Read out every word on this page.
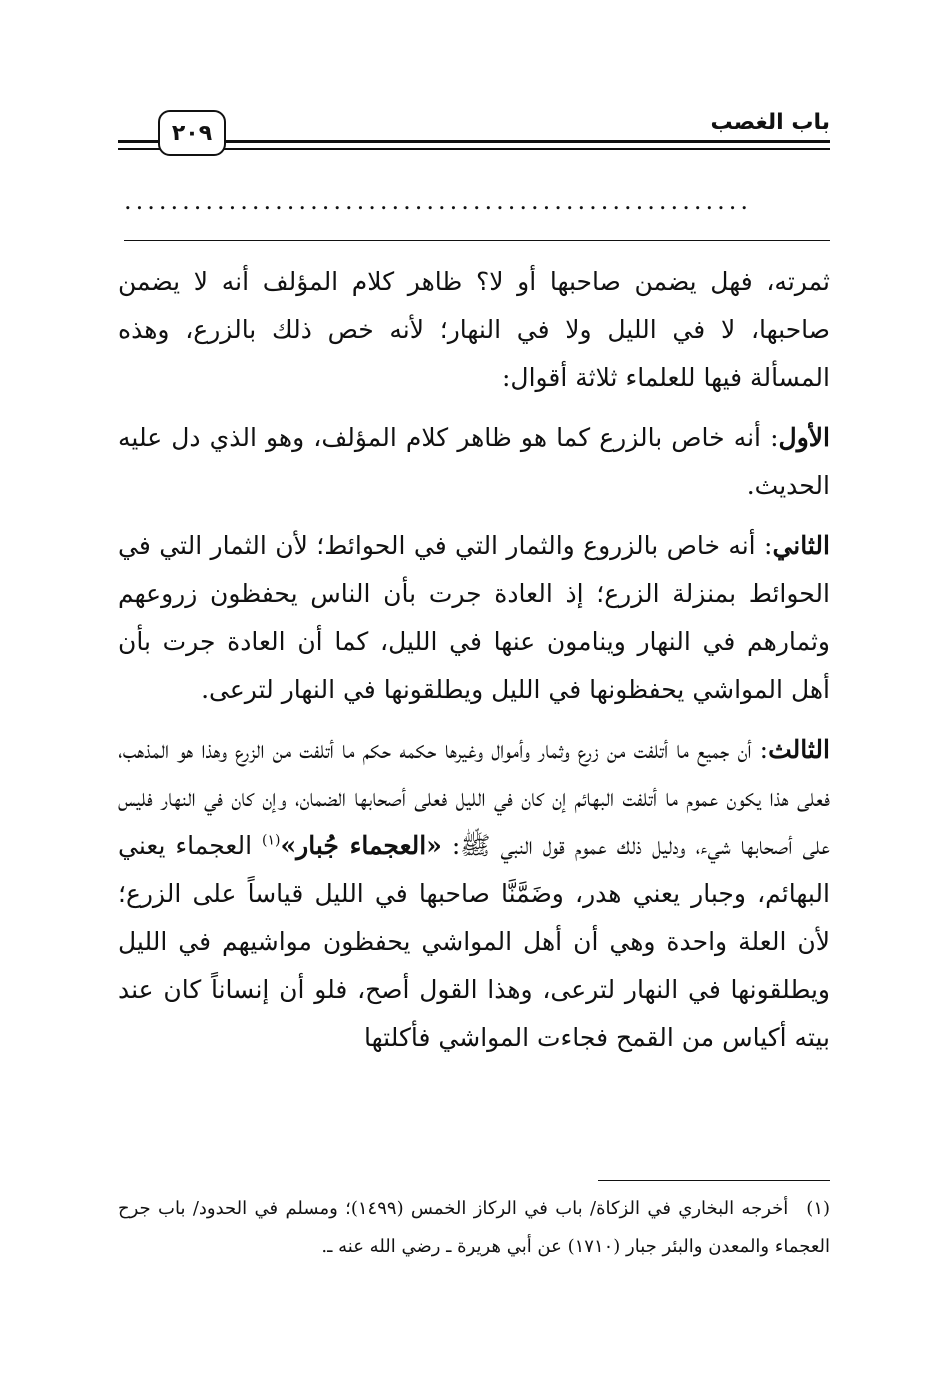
باب الغصب
٢٠٩
......................................................

ثمرته، فهل يضمن صاحبها أو لا؟ ظاهر كلام المؤلف أنه لا يضمن صاحبها، لا في الليل ولا في النهار؛ لأنه خص ذلك بالزرع، وهذه المسألة فيها للعلماء ثلاثة أقوال:

الأول: أنه خاص بالزرع كما هو ظاهر كلام المؤلف، وهو الذي دل عليه الحديث.

الثاني: أنه خاص بالزروع والثمار التي في الحوائط؛ لأن الثمار التي في الحوائط بمنزلة الزرع؛ إذ العادة جرت بأن الناس يحفظون زروعهم وثمارهم في النهار وينامون عنها في الليل، كما أن العادة جرت بأن أهل المواشي يحفظونها في الليل ويطلقونها في النهار لترعى.

الثالث: أن جميع ما أتلفت من زرع وثمار وأموال وغيرها حكمه حكم ما أتلفت من الزرع وهذا هو المذهب، فعلى هذا يكون عموم ما أتلفت البهائم إن كان في الليل فعلى أصحابها الضمان، وإن كان في النهار فليس على أصحابها شيء، ودليل ذلك عموم قول النبي ﷺ: «العجماء جُبار»$^{(١)}$ العجماء يعني البهائم، وجبار يعني هدر، وضَمَّنَّا صاحبها في الليل قياساً على الزرع؛ لأن العلة واحدة وهي أن أهل المواشي يحفظون مواشيهم في الليل ويطلقونها في النهار لترعى، وهذا القول أصح، فلو أن إنساناً كان عند بيته أكياس من القمح فجاءت المواشي فأكلتها

(١)أخرجه البخاري في الزكاة/ باب في الركاز الخمس (١٤٩٩)؛ ومسلم في الحدود/ باب جرح العجماء والمعدن والبئر جبار (١٧١٠) عن أبي هريرة ـ رضي الله عنه ـ.
